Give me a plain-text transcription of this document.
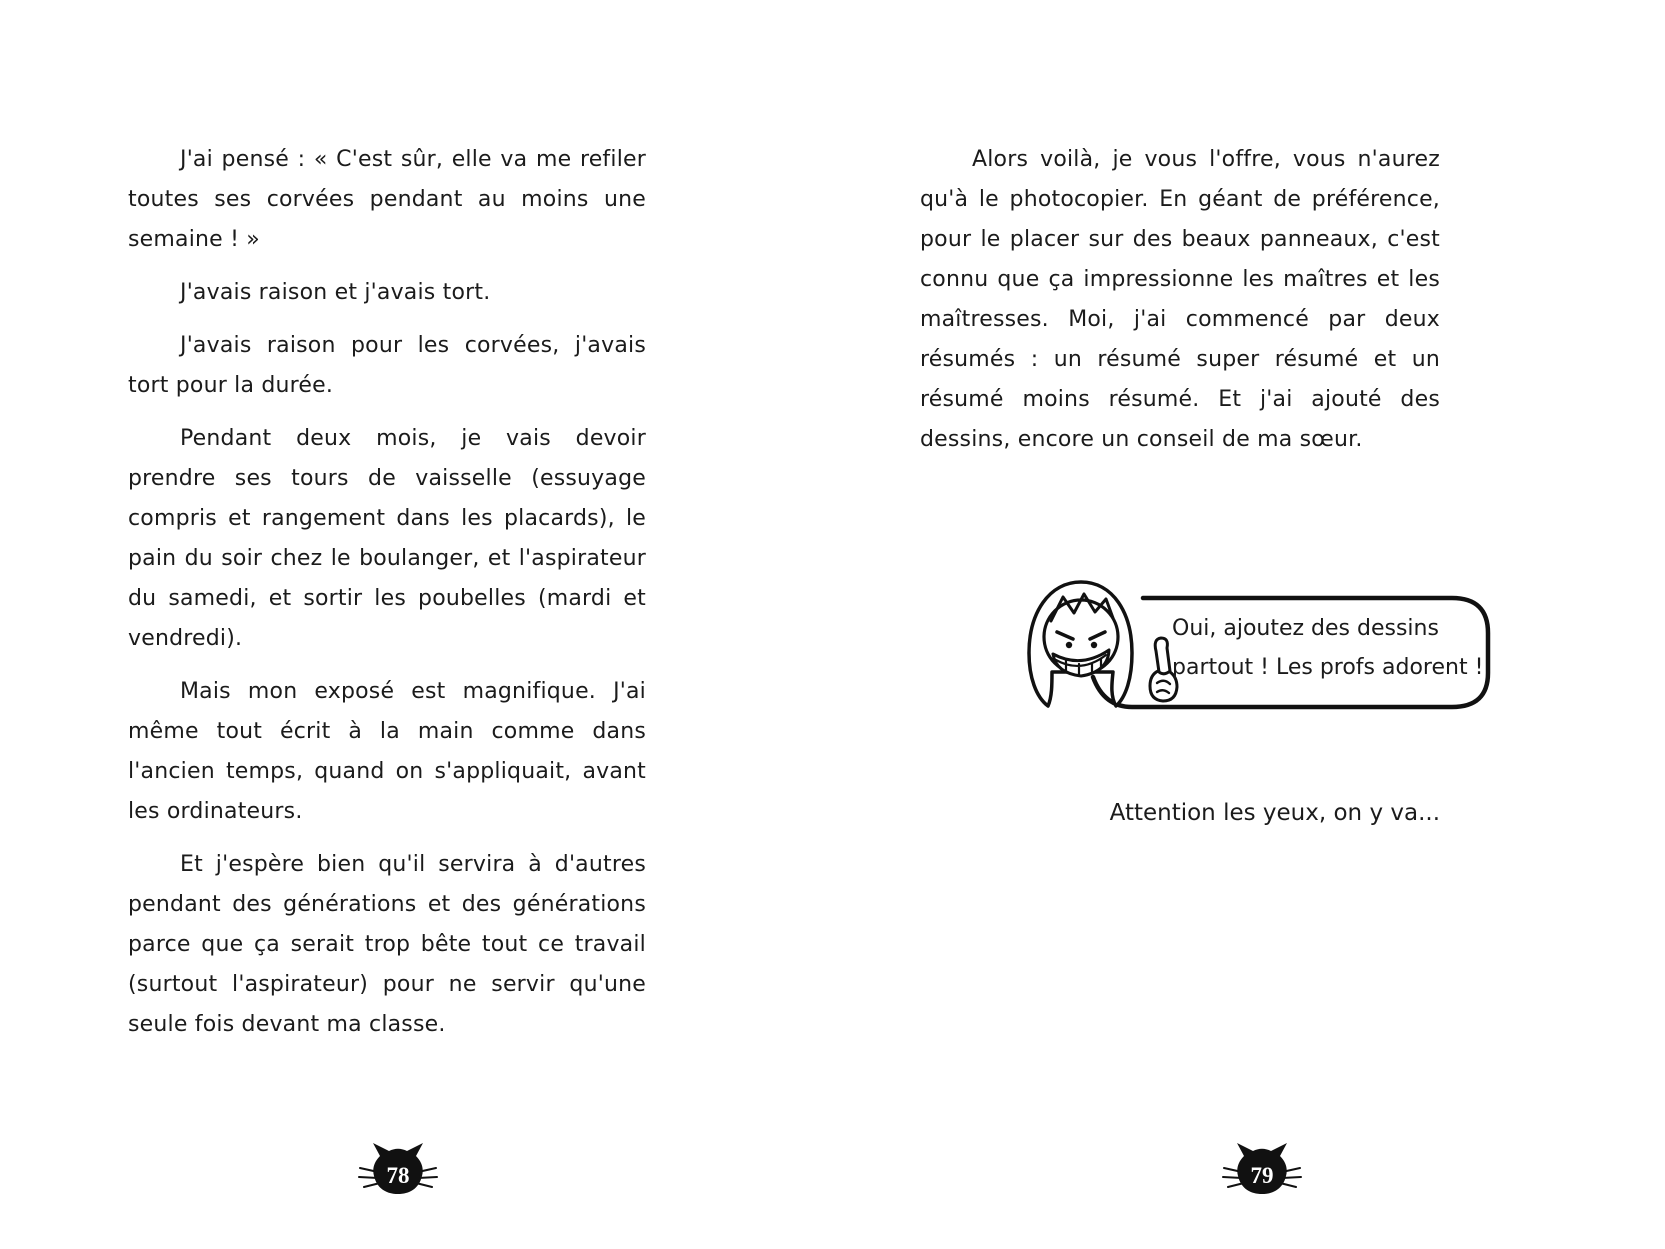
J'ai pensé : « C'est sûr, elle va me refiler toutes ses corvées pendant au moins une semaine ! »

J'avais raison et j'avais tort.

J'avais raison pour les corvées, j'avais tort pour la durée.

Pendant deux mois, je vais devoir prendre ses tours de vaisselle (essuyage compris et rangement dans les placards), le pain du soir chez le boulanger, et l'aspirateur du samedi, et sortir les poubelles (mardi et vendredi).

Mais mon exposé est magnifique. J'ai même tout écrit à la main comme dans l'ancien temps, quand on s'appliquait, avant les ordinateurs.

Et j'espère bien qu'il servira à d'autres pendant des générations et des générations parce que ça serait trop bête tout ce travail (surtout l'aspirateur) pour ne servir qu'une seule fois devant ma classe.

78

Alors voilà, je vous l'offre, vous n'aurez qu'à le photocopier. En géant de préférence, pour le placer sur des beaux panneaux, c'est connu que ça impressionne les maîtres et les maîtresses. Moi, j'ai commencé par deux résumés : un résumé super résumé et un résumé moins résumé. Et j'ai ajouté des dessins, encore un conseil de ma sœur.

Oui, ajoutez des dessins
partout ! Les profs adorent !
Attention les yeux, on y va...
79
